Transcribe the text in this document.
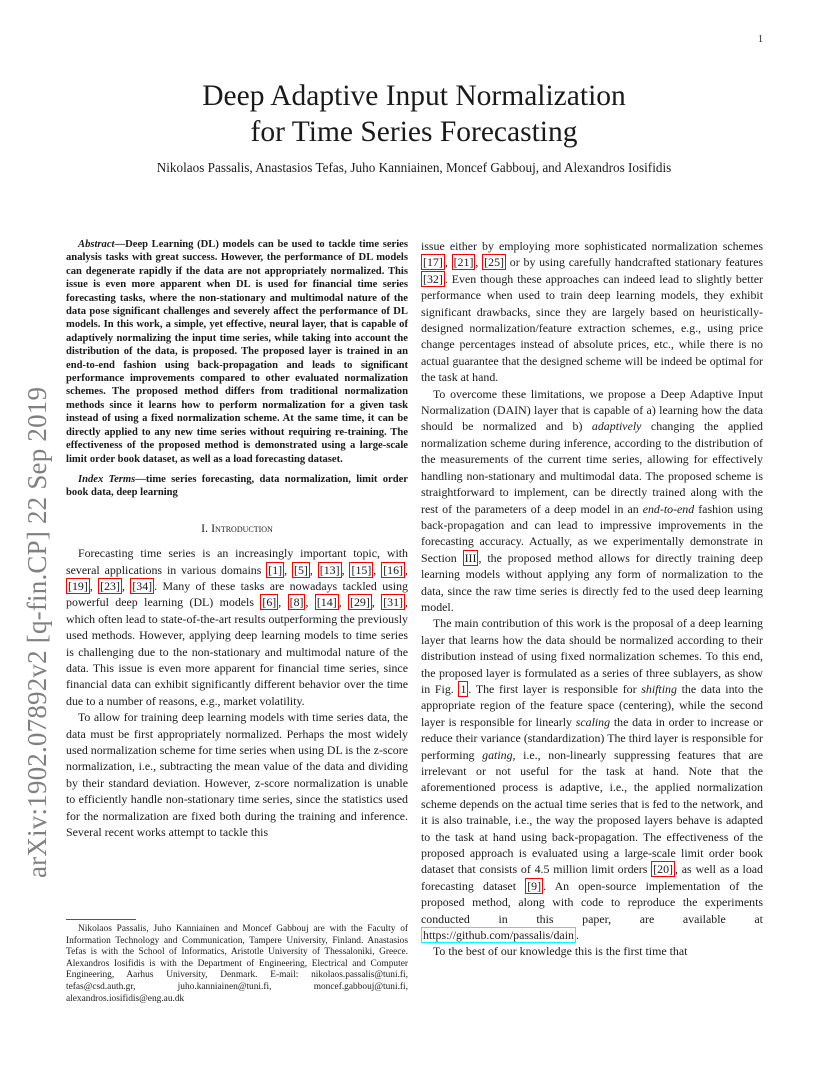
1
arXiv:1902.07892v2 [q-fin.CP] 22 Sep 2019
Deep Adaptive Input Normalization
for Time Series Forecasting

Nikolaos Passalis, Anastasios Tefas, Juho Kanniainen, Moncef Gabbouj, and Alexandros Iosifidis

Abstract—Deep Learning (DL) models can be used to tackle time series analysis tasks with great success. However, the performance of DL models can degenerate rapidly if the data are not appropriately normalized. This issue is even more apparent when DL is used for financial time series forecasting tasks, where the non-stationary and multimodal nature of the data pose significant challenges and severely affect the performance of DL models. In this work, a simple, yet effective, neural layer, that is capable of adaptively normalizing the input time series, while taking into account the distribution of the data, is proposed. The proposed layer is trained in an end-to-end fashion using back-propagation and leads to significant performance improvements compared to other evaluated normalization schemes. The proposed method differs from traditional normalization methods since it learns how to perform normalization for a given task instead of using a fixed normalization scheme. At the same time, it can be directly applied to any new time series without requiring re-training. The effectiveness of the proposed method is demonstrated using a large-scale limit order book dataset, as well as a load forecasting dataset.

Index Terms—time series forecasting, data normalization, limit order book data, deep learning

I. Introduction

Forecasting time series is an increasingly important topic, with several applications in various domains [1] , [5] , [13] , [15] , [16] , [19] , [23] , [34] . Many of these tasks are nowadays tackled using powerful deep learning (DL) models [6] , [8] , [14] , [29] , [31] , which often lead to state-of-the-art results outperforming the previously used methods. However, applying deep learning models to time series is challenging due to the non-stationary and multimodal nature of the data. This issue is even more apparent for financial time series, since financial data can exhibit significantly different behavior over the time due to a number of reasons, e.g., market volatility.

To allow for training deep learning models with time series data, the data must be first appropriately normalized. Perhaps the most widely used normalization scheme for time series when using DL is the z-score normalization, i.e., subtracting the mean value of the data and dividing by their standard deviation. However, z-score normalization is unable to efficiently handle non-stationary time series, since the statistics used for the normalization are fixed both during the training and inference. Several recent works attempt to tackle this

Nikolaos Passalis, Juho Kanniainen and Moncef Gabbouj are with the Faculty of Information Technology and Communication, Tampere University, Finland. Anastasios Tefas is with the School of Informatics, Aristotle University of Thessaloniki, Greece. Alexandros Iosifidis is with the Department of Engineering, Electrical and Computer Engineering, Aarhus University, Denmark. E-mail: nikolaos.passalis@tuni.fi, tefas@csd.auth.gr, juho.kanniainen@tuni.fi, moncef.gabbouj@tuni.fi, alexandros.iosifidis@eng.au.dk

issue either by employing more sophisticated normalization schemes [17] , [21] , [25] or by using carefully handcrafted stationary features [32] . Even though these approaches can indeed lead to slightly better performance when used to train deep learning models, they exhibit significant drawbacks, since they are largely based on heuristically-designed normalization/feature extraction schemes, e.g., using price change percentages instead of absolute prices, etc., while there is no actual guarantee that the designed scheme will be indeed be optimal for the task at hand.

To overcome these limitations, we propose a Deep Adaptive Input Normalization (DAIN) layer that is capable of a) learning how the data should be normalized and b) adaptively changing the applied normalization scheme during inference, according to the distribution of the measurements of the current time series, allowing for effectively handling non-stationary and multimodal data. The proposed scheme is straightforward to implement, can be directly trained along with the rest of the parameters of a deep model in an end-to-end fashion using back-propagation and can lead to impressive improvements in the forecasting accuracy. Actually, as we experimentally demonstrate in Section III , the proposed method allows for directly training deep learning models without applying any form of normalization to the data, since the raw time series is directly fed to the used deep learning model.

The main contribution of this work is the proposal of a deep learning layer that learns how the data should be normalized according to their distribution instead of using fixed normalization schemes. To this end, the proposed layer is formulated as a series of three sublayers, as show in Fig. 1 . The first layer is responsible for shifting the data into the appropriate region of the feature space (centering), while the second layer is responsible for linearly scaling the data in order to increase or reduce their variance (standardization) The third layer is responsible for performing gating, i.e., non-linearly suppressing features that are irrelevant or not useful for the task at hand. Note that the aforementioned process is adaptive, i.e., the applied normalization scheme depends on the actual time series that is fed to the network, and it is also trainable, i.e., the way the proposed layers behave is adapted to the task at hand using back-propagation. The effectiveness of the proposed approach is evaluated using a large-scale limit order book dataset that consists of 4.5 million limit orders [20] , as well as a load forecasting dataset [9] . An open-source implementation of the proposed method, along with code to reproduce the experiments conducted in this paper, are available at https://github.com/passalis/dain .

To the best of our knowledge this is the first time that
